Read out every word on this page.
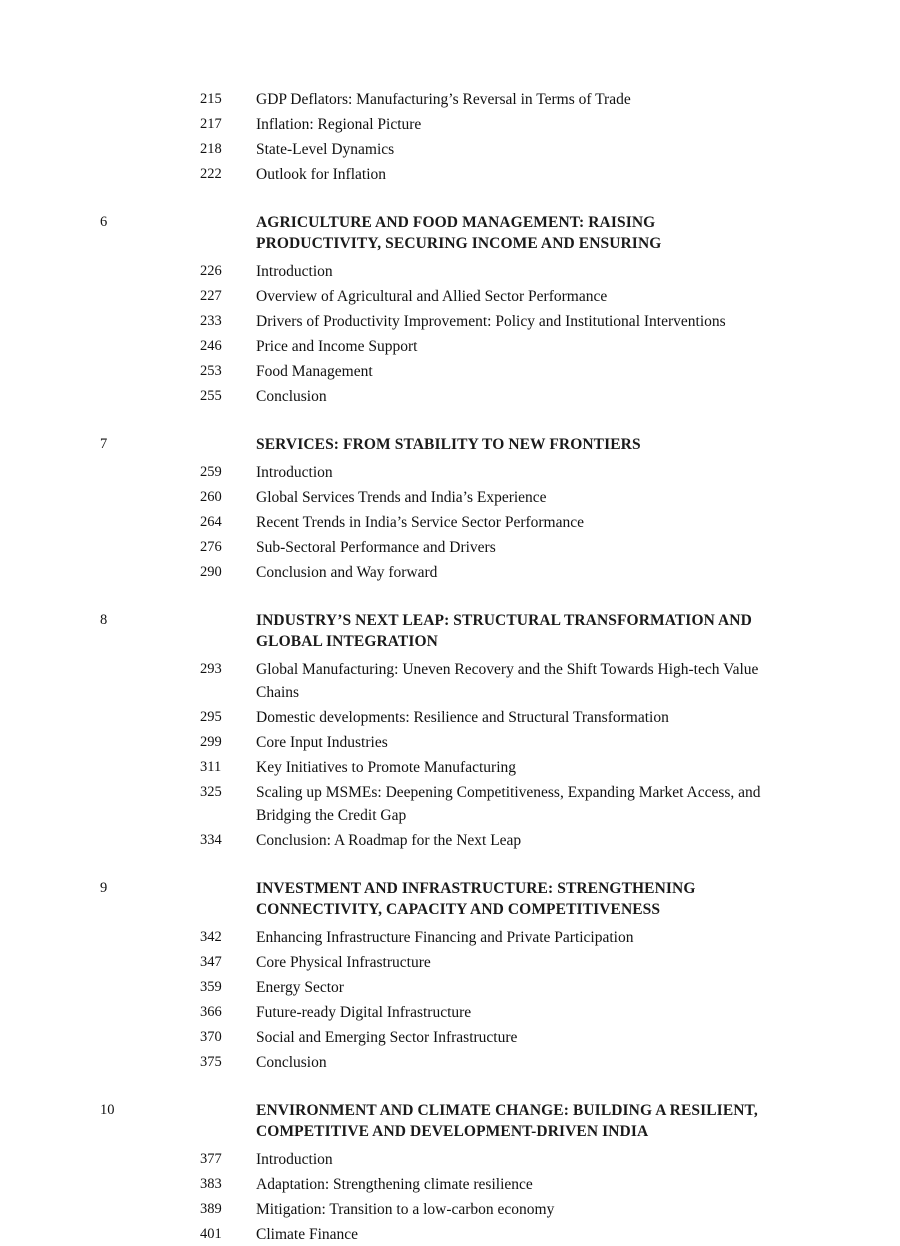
215	GDP Deflators: Manufacturing’s Reversal in Terms of Trade
217	Inflation: Regional Picture
218	State-Level Dynamics
222	Outlook for Inflation
6	AGRICULTURE AND FOOD MANAGEMENT: RAISING PRODUCTIVITY, SECURING INCOME AND ENSURING
226	Introduction
227	Overview of Agricultural and Allied Sector Performance
233	Drivers of Productivity Improvement: Policy and Institutional Interventions
246	Price and Income Support
253	Food Management
255	Conclusion
7	SERVICES: FROM STABILITY TO NEW FRONTIERS
259	Introduction
260	Global Services Trends and India’s Experience
264	Recent Trends in India’s Service Sector Performance
276	Sub-Sectoral Performance and Drivers
290	Conclusion and Way forward
8	INDUSTRY’S NEXT LEAP: STRUCTURAL TRANSFORMATION AND GLOBAL INTEGRATION
293	Global Manufacturing: Uneven Recovery and the Shift Towards High-tech Value Chains
295	Domestic developments: Resilience and Structural Transformation
299	Core Input Industries
311	Key Initiatives to Promote Manufacturing
325	Scaling up MSMEs: Deepening Competitiveness, Expanding Market Access, and Bridging the Credit Gap
334	Conclusion: A Roadmap for the Next Leap
9	INVESTMENT AND INFRASTRUCTURE: STRENGTHENING CONNECTIVITY, CAPACITY AND COMPETITIVENESS
342	Enhancing Infrastructure Financing and Private Participation
347	Core Physical Infrastructure
359	Energy Sector
366	Future-ready Digital Infrastructure
370	Social and Emerging Sector Infrastructure
375	Conclusion
10	ENVIRONMENT AND CLIMATE CHANGE: BUILDING A RESILIENT, COMPETITIVE AND DEVELOPMENT-DRIVEN INDIA
377	Introduction
383	Adaptation: Strengthening climate resilience
389	Mitigation: Transition to a low-carbon economy
401	Climate Finance
